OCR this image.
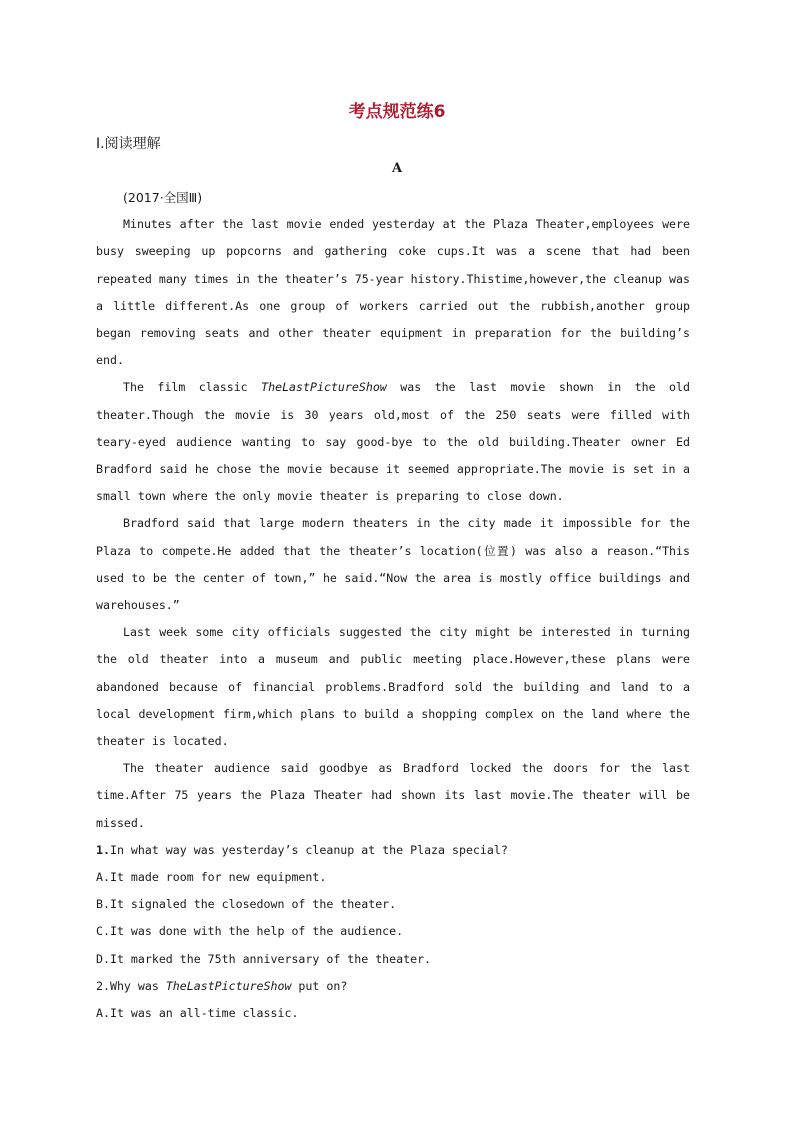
考点规范练6
Ⅰ.阅读理解
A

(2017·全国Ⅲ)

Minutes after the last movie ended yesterday at the Plaza Theater,employees were busy sweeping up popcorns and gathering coke cups.It was a scene that had been repeated many times in the theater’s 75-year history.Thistime,however,the cleanup was a little different.As one group of workers carried out the rubbish,another group began removing seats and other theater equipment in preparation for the building’s end.

The film classic TheLastPictureShow was the last movie shown in the old theater.Though the movie is 30 years old,most of the 250 seats were filled with teary-eyed audience wanting to say good-bye to the old building.Theater owner Ed Bradford said he chose the movie because it seemed appropriate.The movie is set in a small town where the only movie theater is preparing to close down.

Bradford said that large modern theaters in the city made it impossible for the Plaza to compete.He added that the theater’s location(位置) was also a reason.“This used to be the center of town,” he said.“Now the area is mostly office buildings and warehouses.”

Last week some city officials suggested the city might be interested in turning the old theater into a museum and public meeting place.However,these plans were abandoned because of financial problems.Bradford sold the building and land to a local development firm,which plans to build a shopping complex on the land where the theater is located.

The theater audience said goodbye as Bradford locked the doors for the last time.After 75 years the Plaza Theater had shown its last movie.The theater will be missed.

1.In what way was yesterday’s cleanup at the Plaza special?

A.It made room for new equipment.

B.It signaled the closedown of the theater.

C.It was done with the help of the audience.

D.It marked the 75th anniversary of the theater.

2.Why was TheLastPictureShow put on?

A.It was an all-time classic.
